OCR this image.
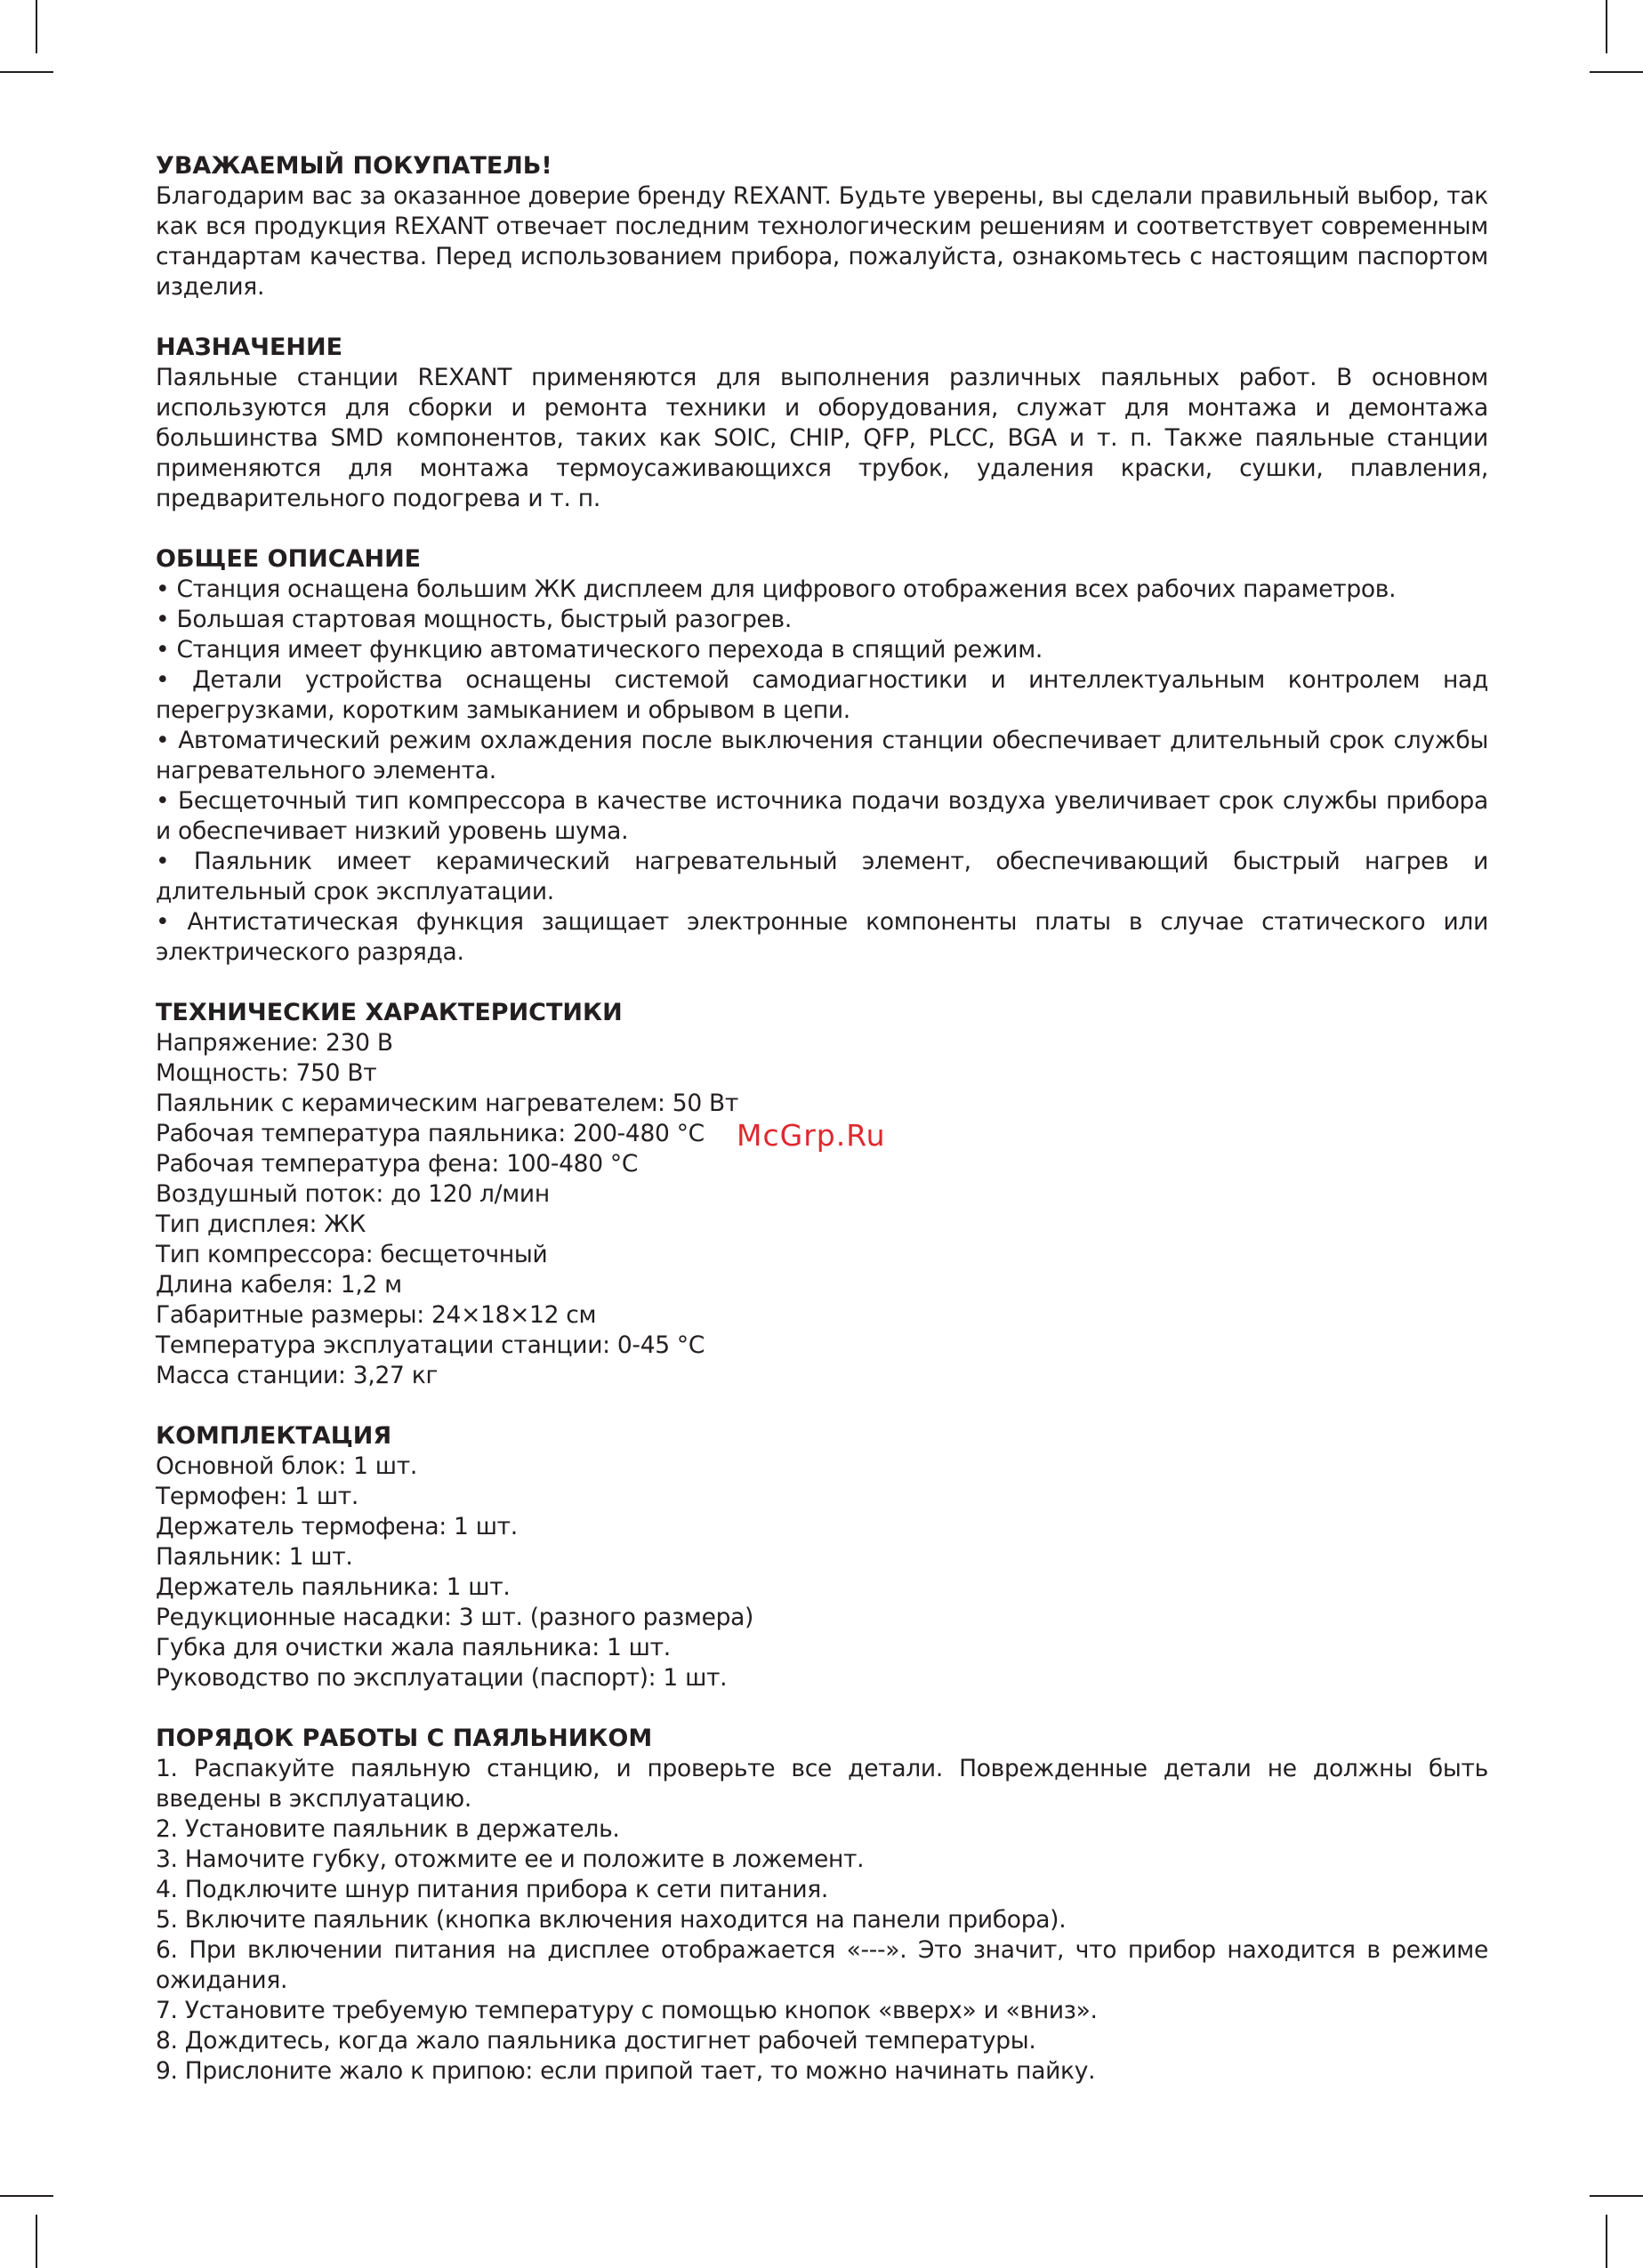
УВАЖАЕМЫЙ ПОКУПАТЕЛЬ!

Благодарим вас за оказанное доверие бренду REXANT. Будьте уверены, вы сделали правильный выбор, так как вся продукция REXANT отвечает последним технологическим решениям и соответствует современным стандартам качества. Перед использованием прибора, пожалуйста, ознакомьтесь с настоящим паспортом изделия.

НАЗНАЧЕНИЕ

Паяльные станции REXANT применяются для выполнения различных паяльных работ. В основном используются для сборки и ремонта техники и оборудования, служат для монтажа и демонтажа большинства SMD компонентов, таких как SOIC, CHIP, QFP, PLCC, BGA и т. п. Также паяльные станции применяются для монтажа термоусаживающихся трубок, удаления краски, сушки, плавления, предварительного подогрева и т. п.

ОБЩЕЕ ОПИСАНИЕ

• Станция оснащена большим ЖК дисплеем для цифрового отображения всех рабочих параметров.

• Большая стартовая мощность, быстрый разогрев.

• Станция имеет функцию автоматического перехода в спящий режим.

• Детали устройства оснащены системой самодиагностики и интеллектуальным контролем над перегрузками, коротким замыканием и обрывом в цепи.

• Автоматический режим охлаждения после выключения станции обеспечивает длительный срок службы нагревательного элемента.

• Бесщеточный тип компрессора в качестве источника подачи воздуха увеличивает срок службы прибора и обеспечивает низкий уровень шума.

• Паяльник имеет керамический нагревательный элемент, обеспечивающий быстрый нагрев и длительный срок эксплуатации.

• Антистатическая функция защищает электронные компоненты платы в случае статического или электрического разряда.

ТЕХНИЧЕСКИЕ ХАРАКТЕРИСТИКИ

Напряжение: 230 В

Мощность: 750 Вт

Паяльник с керамическим нагревателем: 50 Вт

Рабочая температура паяльника: 200-480 °С

Рабочая температура фена: 100-480 °С

Воздушный поток: до 120 л/мин

Тип дисплея: ЖК

Тип компрессора: бесщеточный

Длина кабеля: 1,2 м

Габаритные размеры: 24×18×12 см

Температура эксплуатации станции: 0-45 °С

Масса станции: 3,27 кг

КОМПЛЕКТАЦИЯ

Основной блок: 1 шт.

Термофен: 1 шт.

Держатель термофена: 1 шт.

Паяльник: 1 шт.

Держатель паяльника: 1 шт.

Редукционные насадки: 3 шт. (разного размера)

Губка для очистки жала паяльника: 1 шт.

Руководство по эксплуатации (паспорт): 1 шт.

ПОРЯДОК РАБОТЫ С ПАЯЛЬНИКОМ

1. Распакуйте паяльную станцию, и проверьте все детали. Поврежденные детали не должны быть введены в эксплуатацию.

2. Установите паяльник в держатель.

3. Намочите губку, отожмите ее и положите в ложемент.

4. Подключите шнур питания прибора к сети питания.

5. Включите паяльник (кнопка включения находится на панели прибора).

6. При включении питания на дисплее отображается «---». Это значит, что прибор находится в режиме ожидания.

7. Установите требуемую температуру с помощью кнопок «вверх» и «вниз».

8. Дождитесь, когда жало паяльника достигнет рабочей температуры.

9. Прислоните жало к припою: если припой тает, то можно начинать пайку.

McGrp.Ru
